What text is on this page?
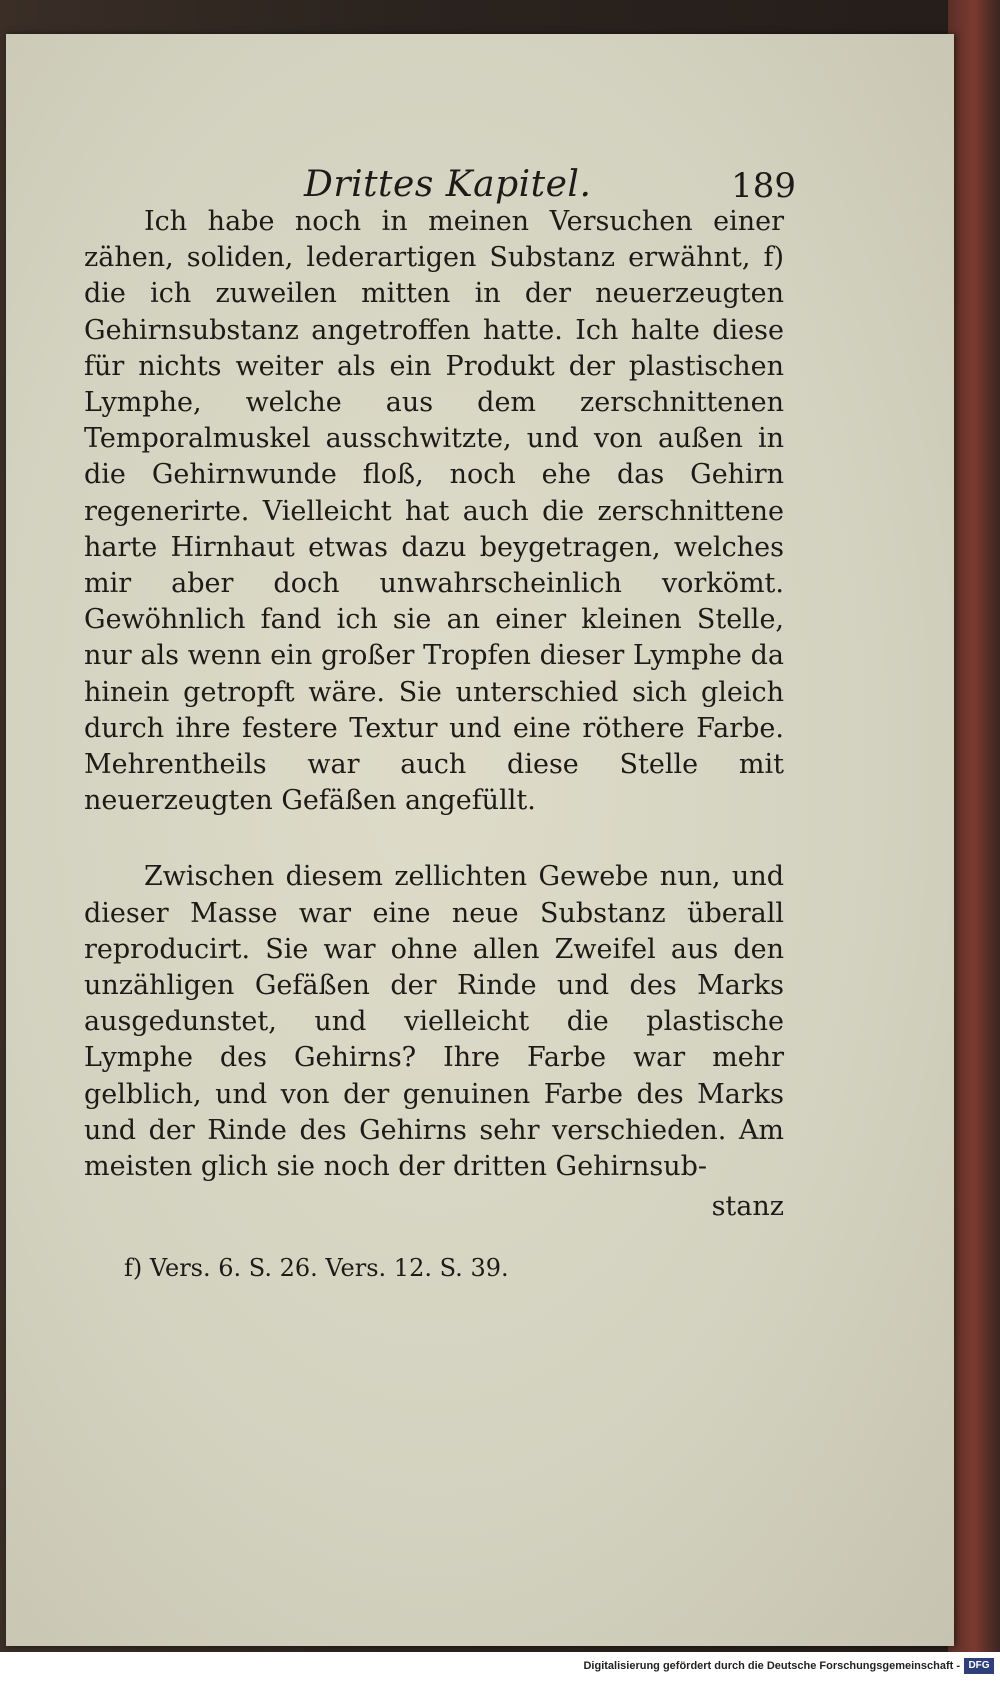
Drittes Kapitel.	189

Ich habe noch in meinen Versuchen einer zähen, soliden, lederartigen Substanz erwähnt, f) die ich zuweilen mitten in der neuerzeugten Gehirnsubstanz angetroffen hatte. Ich halte diese für nichts weiter als ein Produkt der plastischen Lymphe, welche aus dem zerschnittenen Temporalmuskel ausschwitzte, und von außen in die Gehirnwunde floß, noch ehe das Gehirn regenerirte. Vielleicht hat auch die zerschnittene harte Hirnhaut etwas dazu beygetragen, welches mir aber doch unwahrscheinlich vorkömt. Gewöhnlich fand ich sie an einer kleinen Stelle, nur als wenn ein großer Tropfen dieser Lymphe da hinein getropft wäre. Sie unterschied sich gleich durch ihre festere Textur und eine röthere Farbe. Mehrentheils war auch diese Stelle mit neuerzeugten Gefäßen angefüllt.

Zwischen diesem zellichten Gewebe nun, und dieser Masse war eine neue Substanz überall reproducirt. Sie war ohne allen Zweifel aus den unzähligen Gefäßen der Rinde und des Marks ausgedunstet, und vielleicht die plastische Lymphe des Gehirns? Ihre Farbe war mehr gelblich, und von der genuinen Farbe des Marks und der Rinde des Gehirns sehr verschieden. Am meisten glich sie noch der dritten Gehirnsub-

stanz
f) Vers. 6. S. 26. Vers. 12. S. 39.
Digitalisierung gefördert durch die Deutsche Forschungsgemeinschaft - DFG
